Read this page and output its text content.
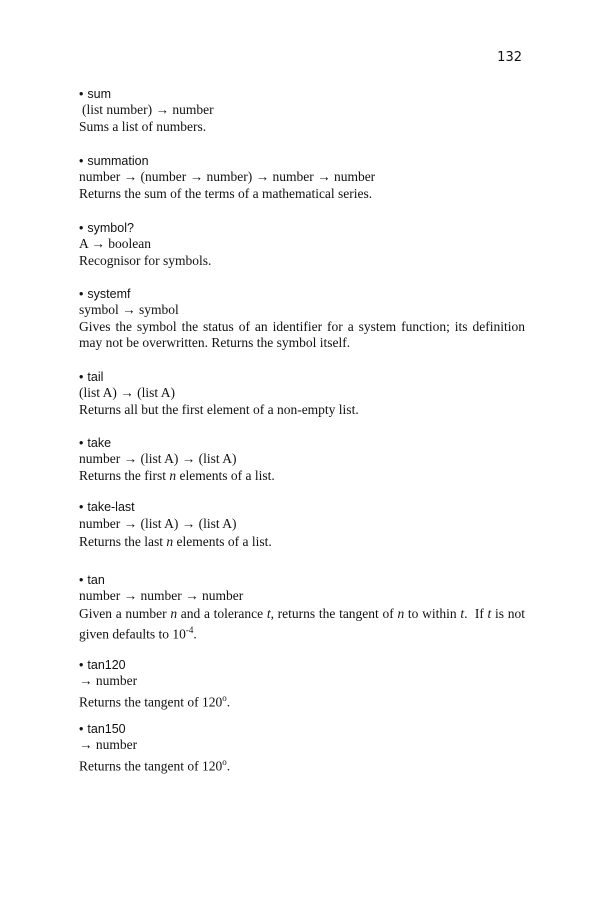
132
• sum
(list number) → number
Sums a list of numbers.
• summation
number → (number → number) → number → number
Returns the sum of the terms of a mathematical series.
• symbol?
A → boolean
Recognisor for symbols.
• systemf
symbol → symbol
Gives the symbol the status of an identifier for a system function; its definition may not be overwritten. Returns the symbol itself.
• tail
(list A) → (list A)
Returns all but the first element of a non-empty list.
• take
number → (list A) → (list A)
Returns the first n elements of a list.
• take-last
number → (list A) → (list A)
Returns the last n elements of a list.
• tan
number → number → number
Given a number n and a tolerance t, returns the tangent of n to within t.  If t is not given defaults to $10^{-4}$.
• tan120
→ number
Returns the tangent of 120$^o$.
• tan150
→ number
Returns the tangent of 120$^o$.
